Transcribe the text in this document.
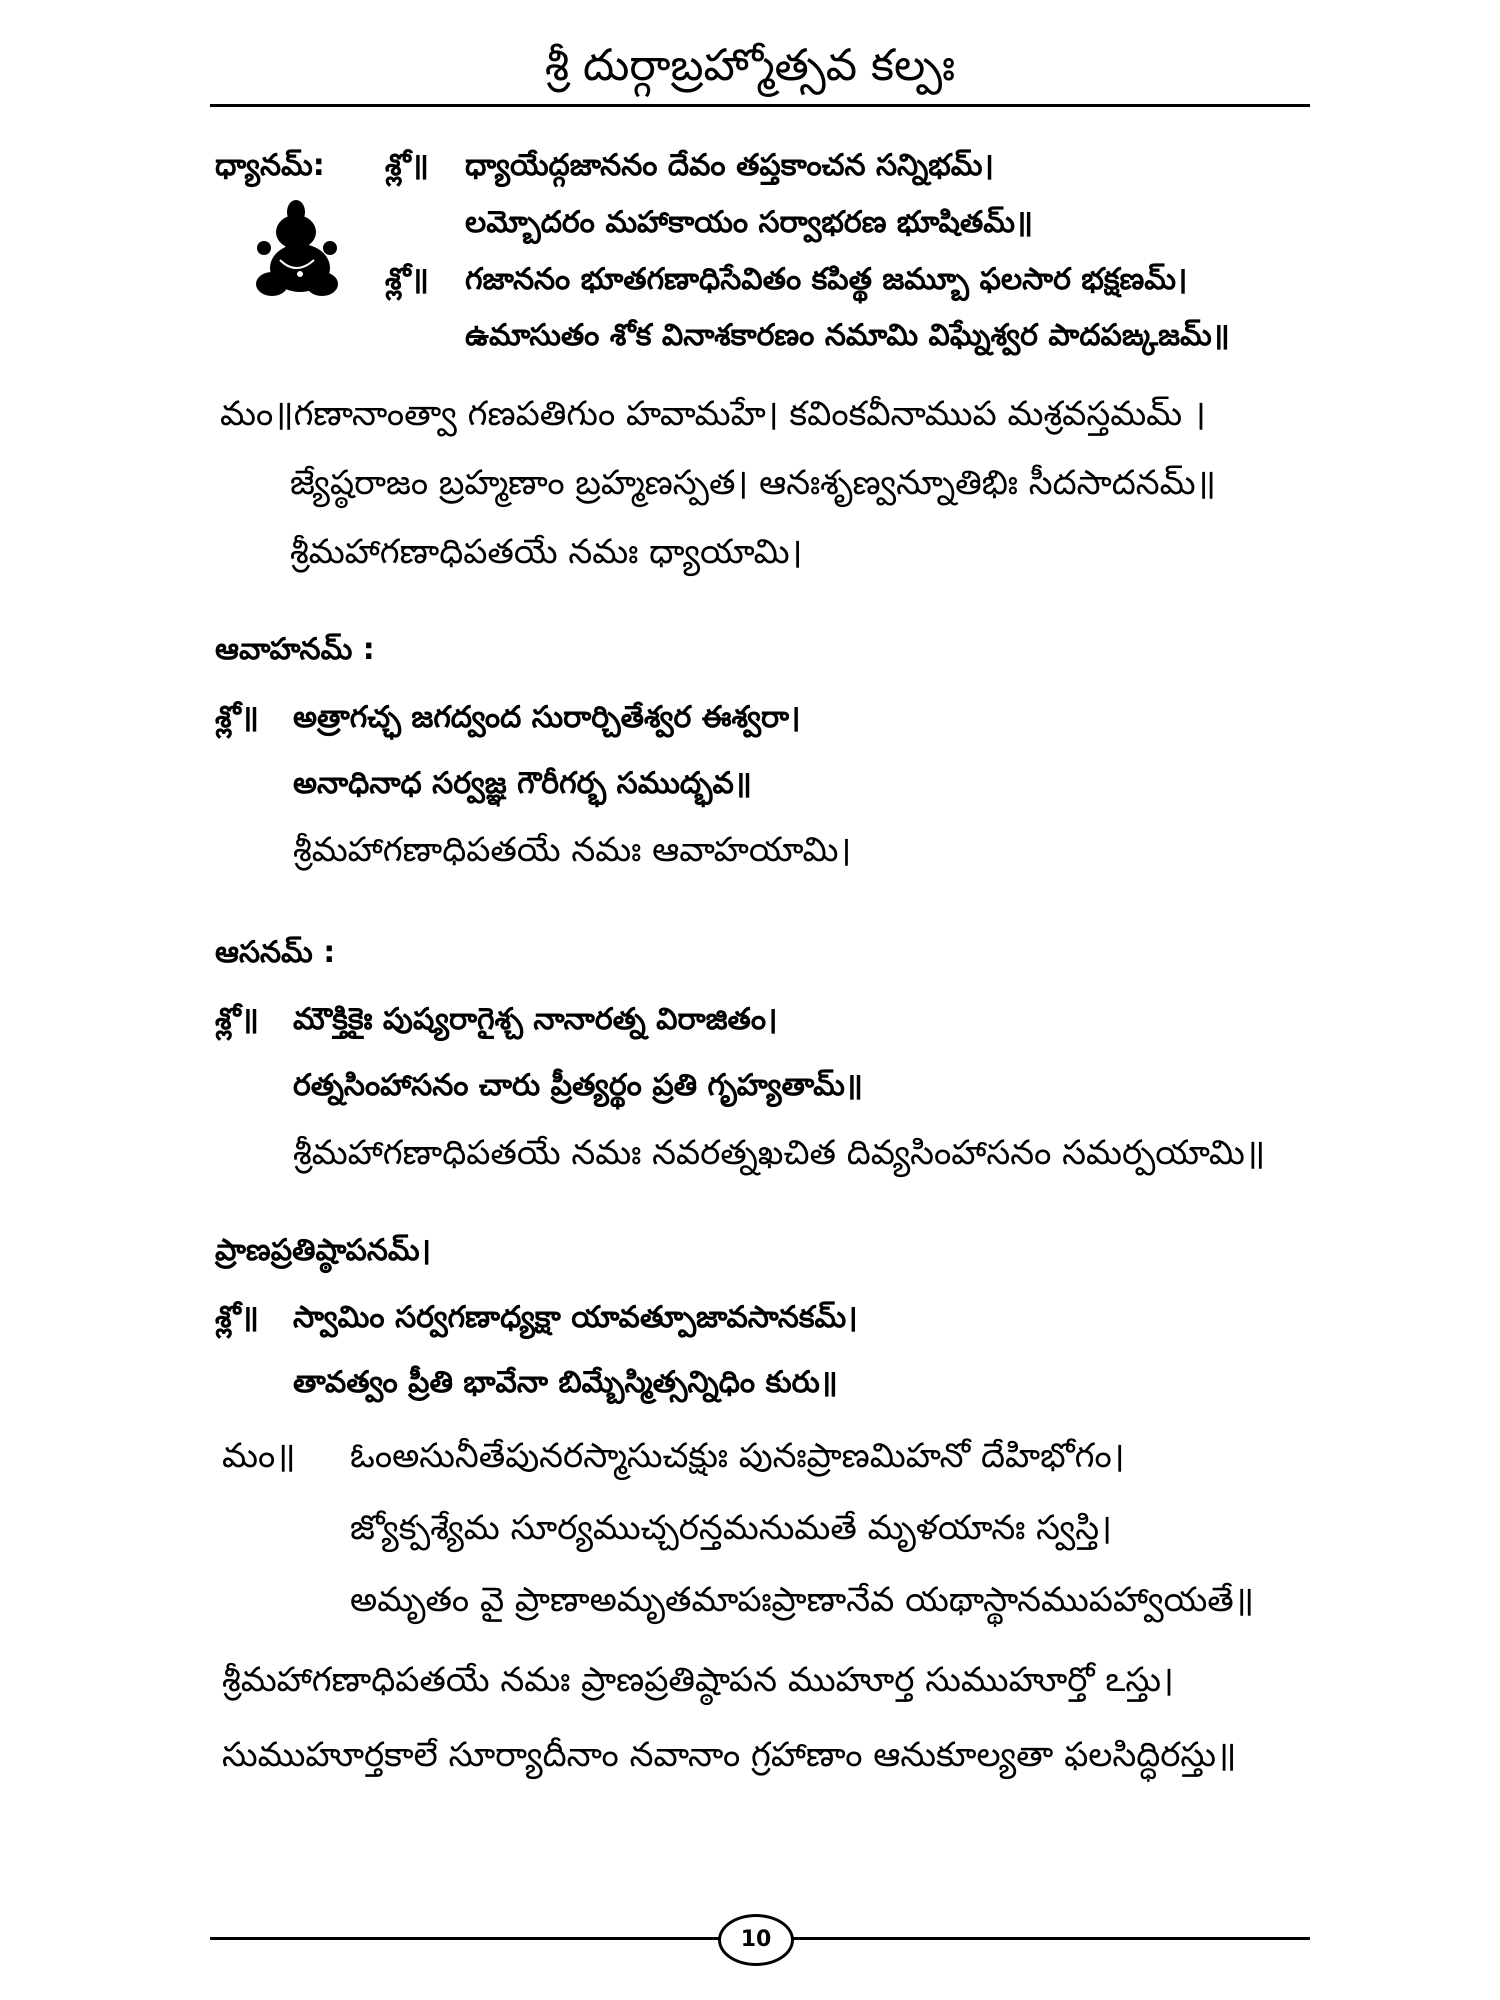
శ్రీ దుర్గాబ్రహ్మోత్సవ కల్పః
ధ్యానమ్: శ్లో॥ ధ్యాయేద్గజాననం దేవం తప్తకాంచన సన్నిభమ్।
లమ్బోదరం మహాకాయం సర్వాభరణ భూషితమ్॥
శ్లో॥ గజాననం భూతగణాధిసేవితం కపిత్థ జమ్బూ ఫలసార భక్షణమ్।
ఉమాసుతం శోక వినాశకారణం నమామి విఘ్నేశ్వర పాదపఙ్కజమ్॥
మం॥గణానాంత్వా గణపతిగుం హవామహే। కవింకవీనాముప మశ్రవస్తమమ్ ।
జ్యేష్ఠరాజం బ్రహ్మణాం బ్రహ్మణస్పత। ఆనఃశృణ్వన్నూతిభిః సీదసాదనమ్॥
శ్రీమహాగణాధిపతయే నమః ధ్యాయామి।
ఆవాహనమ్ :
శ్లో॥ అత్రాగచ్ఛ జగద్వంద సురార్చితేశ్వర ఈశ్వరా।
అనాధినాధ సర్వజ్ఞ గౌరీగర్భ సముద్భవ॥
శ్రీమహాగణాధిపతయే నమః ఆవాహయామి।
ఆసనమ్ :
శ్లో॥ మౌక్తికైః పుష్యరాగైశ్చ నానారత్న విరాజితం।
రత్నసింహాసనం చారు ప్రీత్యర్థం ప్రతి గృహ్యతామ్॥
శ్రీమహాగణాధిపతయే నమః నవరత్నఖచిత దివ్యసింహాసనం సమర్పయామి॥
ప్రాణప్రతిష్ఠాపనమ్।
శ్లో॥ స్వామిం సర్వగణాధ్యక్షా యావత్పూజావసానకమ్।
తావత్వం ప్రీతి భావేనా బిమ్బేస్మిత్సన్నిధిం కురు॥
మం॥ ఓంఅసునీతేపునరస్మాసుచక్షుః పునఃప్రాణమిహనో దేహిభోగం।
జ్యోక్పశ్యేమ సూర్యముచ్చరన్తమనుమతే మృళయానః స్వస్తి।
అమృతం వై ప్రాణాఅమృతమాపఃప్రాణానేవ యథాస్థానముపహ్వాయతే॥
శ్రీమహాగణాధిపతయే నమః ప్రాణప్రతిష్ఠాపన ముహూర్త సుముహూర్తో ఽస్తు।
సుముహూర్తకాలే సూర్యాదీనాం నవానాం గ్రహాణాం ఆనుకూల్యతా ఫలసిద్ధిరస్తు॥
10
